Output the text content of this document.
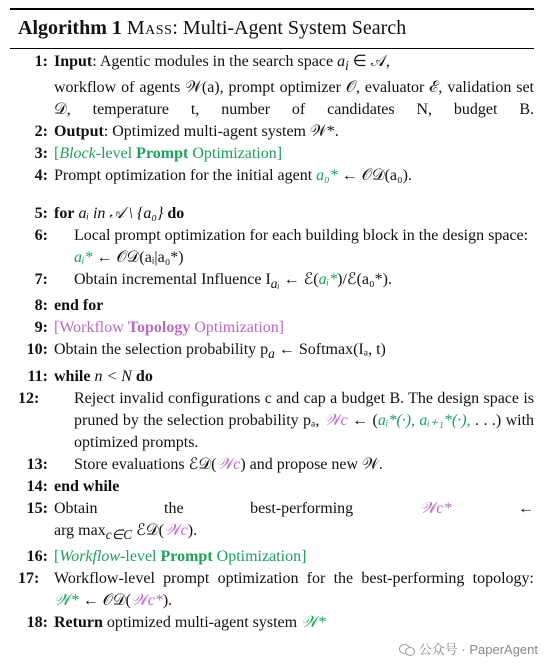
Algorithm 1 Mass: Multi-Agent System Search
1 : Input: Agentic modules in the search space $a_i$ ∈ 𝒜,
workflow of agents 𝒲(a), prompt optimizer 𝒪, evaluator ℰ, validation set 𝒟, temperature t, number of candidates N, budget B.
2 : Output: Optimized multi-agent system 𝒲*.
3 : [Block-level Prompt Optimization]
4 : Prompt optimization for the initial agent a₀* ← 𝒪𝒟(a₀).
5 : for aᵢ in 𝒜 \ {a₀} do
6 :	Local prompt optimization for each building block in the design space: aᵢ* ← 𝒪𝒟(aᵢ|a₀*)
7 :	Obtain incremental Influence $I_{aᵢ}$ ← ℰ(aᵢ*)/ℰ(a₀*).
8 : end for
9 : [Workflow Topology Optimization]
10 : Obtain the selection probability $p_a$ ← Softmax(Iₐ, t)
11 : while n < N do
12 :	Reject invalid configurations c and cap a budget B. The design space is pruned by the selection probability pₐ, 𝒲c ← (aᵢ*(·), aᵢ₊₁*(·), . . .) with optimized prompts.
13 :	Store evaluations ℰ𝒟(𝒲c) and propose new 𝒲.
14 : end while
15 : Obtain	the	best-performing	𝒲c*	←
arg $\max_{c\in C}$ ℰ𝒟(𝒲c).
16 : [Workflow-level Prompt Optimization]
17 :	Workflow-level prompt optimization for the best-performing topology: 𝒲* ← 𝒪𝒟(𝒲c*).
18 : Return optimized multi-agent system 𝒲*
公众号 · PaperAgent
